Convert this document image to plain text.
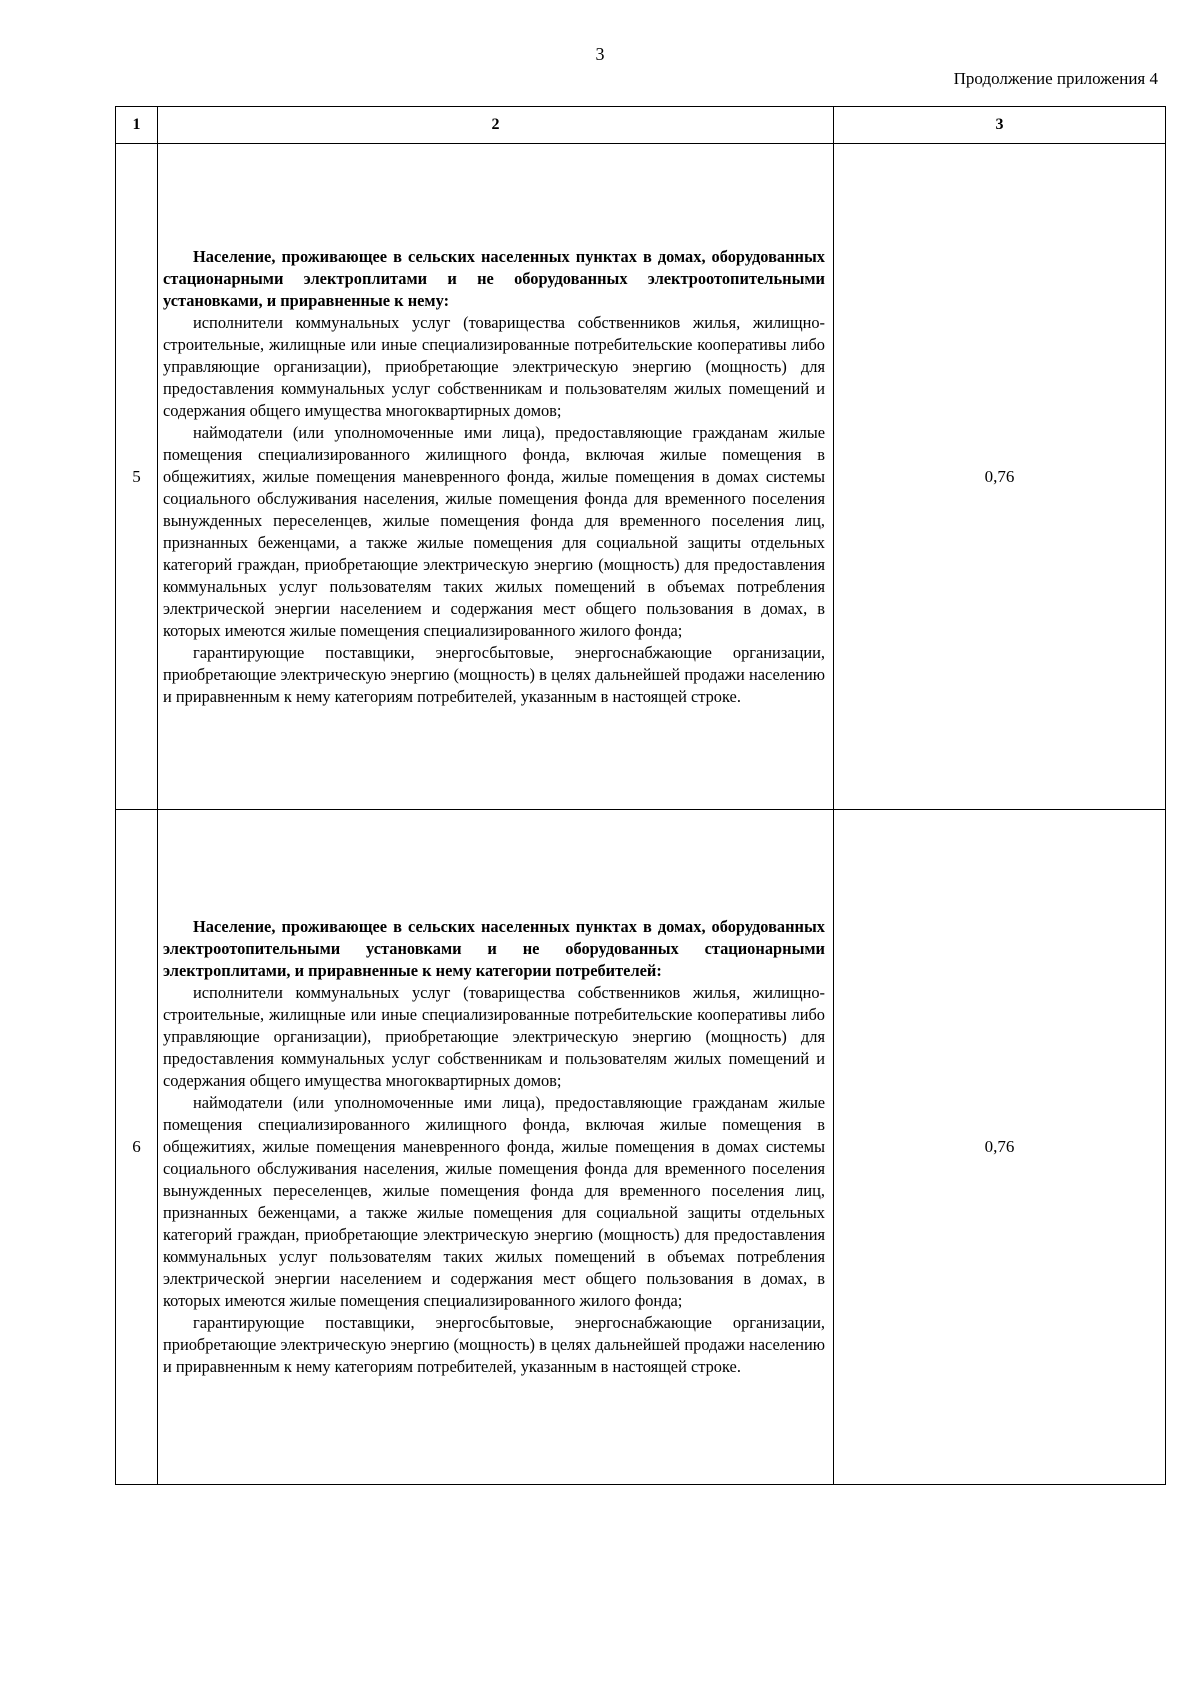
3
Продолжение приложения 4
1	2	3
5	Население, проживающее в сельских населенных пунктах в домах, оборудованных стационарными электроплитами и не оборудованных электроотопительными установками, и приравненные к нему:

исполнители коммунальных услуг (товарищества собственников жилья, жилищно-строительные, жилищные или иные специализированные потребительские кооперативы либо управляющие организации), приобретающие электрическую энергию (мощность) для предоставления коммунальных услуг собственникам и пользователям жилых помещений и содержания общего имущества многоквартирных домов;

наймодатели (или уполномоченные ими лица), предоставляющие гражданам жилые помещения специализированного жилищного фонда, включая жилые помещения в общежитиях, жилые помещения маневренного фонда, жилые помещения в домах системы социального обслуживания населения, жилые помещения фонда для временного поселения вынужденных переселенцев, жилые помещения фонда для временного поселения лиц, признанных беженцами, а также жилые помещения для социальной защиты отдельных категорий граждан, приобретающие электрическую энергию (мощность) для предоставления коммунальных услуг пользователям таких жилых помещений в объемах потребления электрической энергии населением и содержания мест общего пользования в домах, в которых имеются жилые помещения специализированного жилого фонда;

гарантирующие поставщики, энергосбытовые, энергоснабжающие организации, приобретающие электрическую энергию (мощность) в целях дальнейшей продажи населению и приравненным к нему категориям потребителей, указанным в настоящей строке.	0,76
6	Население, проживающее в сельских населенных пунктах в домах, оборудованных электроотопительными установками и не оборудованных стационарными электроплитами, и приравненные к нему категории потребителей:

исполнители коммунальных услуг (товарищества собственников жилья, жилищно-строительные, жилищные или иные специализированные потребительские кооперативы либо управляющие организации), приобретающие электрическую энергию (мощность) для предоставления коммунальных услуг собственникам и пользователям жилых помещений и содержания общего имущества многоквартирных домов;

наймодатели (или уполномоченные ими лица), предоставляющие гражданам жилые помещения специализированного жилищного фонда, включая жилые помещения в общежитиях, жилые помещения маневренного фонда, жилые помещения в домах системы социального обслуживания населения, жилые помещения фонда для временного поселения вынужденных переселенцев, жилые помещения фонда для временного поселения лиц, признанных беженцами, а также жилые помещения для социальной защиты отдельных категорий граждан, приобретающие электрическую энергию (мощность) для предоставления коммунальных услуг пользователям таких жилых помещений в объемах потребления электрической энергии населением и содержания мест общего пользования в домах, в которых имеются жилые помещения специализированного жилого фонда;

гарантирующие поставщики, энергосбытовые, энергоснабжающие организации, приобретающие электрическую энергию (мощность) в целях дальнейшей продажи населению и приравненным к нему категориям потребителей, указанным в настоящей строке.	0,76
